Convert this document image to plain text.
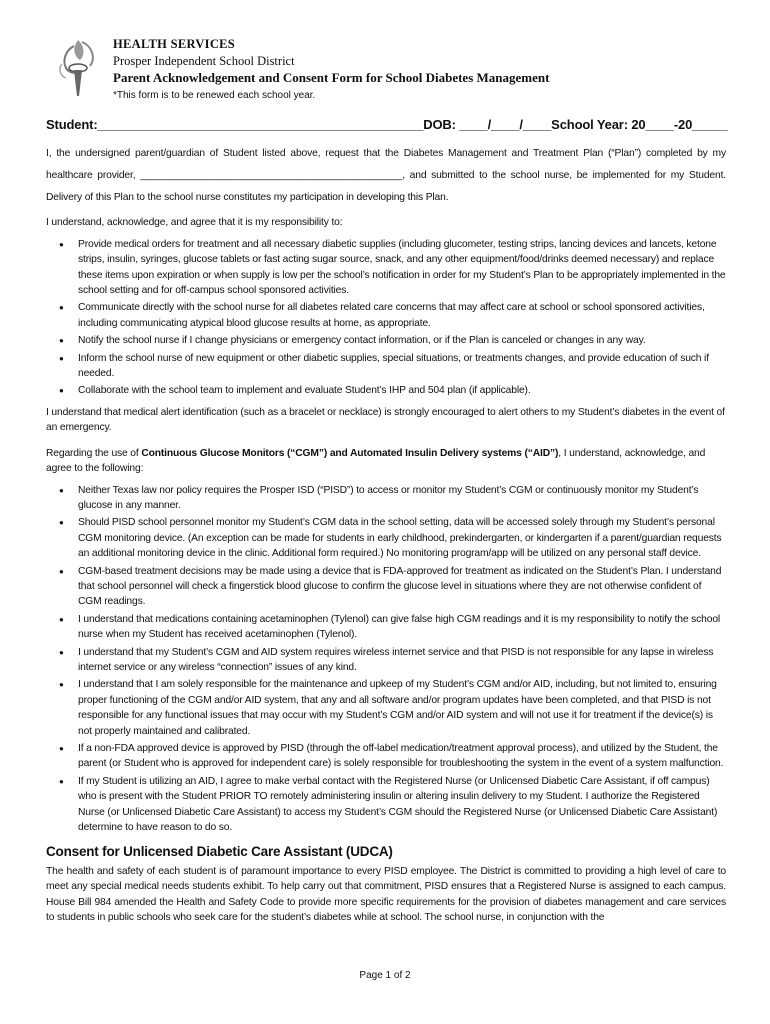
HEALTH SERVICES
Prosper Independent School District
Parent Acknowledgement and Consent Form for School Diabetes Management
*This form is to be renewed each school year.
Student: ______________________________________________ DOB: ____/____/____ School Year: 20____-20_____

I, the undersigned parent/guardian of Student listed above, request that the Diabetes Management and Treatment Plan (“Plan”) completed by my healthcare provider, _______________________________________________, and submitted to the school nurse, be implemented for my Student. Delivery of this Plan to the school nurse constitutes my participation in developing this Plan.

I understand, acknowledge, and agree that it is my responsibility to:

● Provide medical orders for treatment and all necessary diabetic supplies (including glucometer, testing strips, lancing devices and lancets, ketone strips, insulin, syringes, glucose tablets or fast acting sugar source, snack, and any other equipment/food/drinks deemed necessary) and replace these items upon expiration or when supply is low per the school’s notification in order for my Student’s Plan to be appropriately implemented in the school setting and for off-campus school sponsored activities.
● Communicate directly with the school nurse for all diabetes related care concerns that may affect care at school or school sponsored activities, including communicating atypical blood glucose results at home, as appropriate.
● Notify the school nurse if I change physicians or emergency contact information, or if the Plan is canceled or changes in any way.
● Inform the school nurse of new equipment or other diabetic supplies, special situations, or treatments changes, and provide education of such if needed.
● Collaborate with the school team to implement and evaluate Student’s IHP and 504 plan (if applicable).

I understand that medical alert identification (such as a bracelet or necklace) is strongly encouraged to alert others to my Student’s diabetes in the event of an emergency.

Regarding the use of Continuous Glucose Monitors (“CGM”) and Automated Insulin Delivery systems (“AID”), I understand, acknowledge, and agree to the following:

● Neither Texas law nor policy requires the Prosper ISD (“PISD”) to access or monitor my Student’s CGM or continuously monitor my Student’s glucose in any manner.
● Should PISD school personnel monitor my Student’s CGM data in the school setting, data will be accessed solely through my Student’s personal CGM monitoring device. (An exception can be made for students in early childhood, prekindergarten, or kindergarten if a parent/guardian requests an additional monitoring device in the clinic. Additional form required.) No monitoring program/app will be utilized on any personal staff device.
● CGM-based treatment decisions may be made using a device that is FDA-approved for treatment as indicated on the Student’s Plan. I understand that school personnel will check a fingerstick blood glucose to confirm the glucose level in situations where they are not otherwise confident of CGM readings.
● I understand that medications containing acetaminophen (Tylenol) can give false high CGM readings and it is my responsibility to notify the school nurse when my Student has received acetaminophen (Tylenol).
● I understand that my Student’s CGM and AID system requires wireless internet service and that PISD is not responsible for any lapse in wireless internet service or any wireless “connection” issues of any kind.
● I understand that I am solely responsible for the maintenance and upkeep of my Student’s CGM and/or AID, including, but not limited to, ensuring proper functioning of the CGM and/or AID system, that any and all software and/or program updates have been completed, and that PISD is not responsible for any functional issues that may occur with my Student’s CGM and/or AID system and will not use it for treatment if the device(s) is not properly maintained and calibrated.
● If a non-FDA approved device is approved by PISD (through the off-label medication/treatment approval process), and utilized by the Student, the parent (or Student who is approved for independent care) is solely responsible for troubleshooting the system in the event of a system malfunction.
● If my Student is utilizing an AID, I agree to make verbal contact with the Registered Nurse (or Unlicensed Diabetic Care Assistant, if off campus) who is present with the Student PRIOR TO remotely administering insulin or altering insulin delivery to my Student. I authorize the Registered Nurse (or Unlicensed Diabetic Care Assistant) to access my Student’s CGM should the Registered Nurse (or Unlicensed Diabetic Care Assistant) determine to have reason to do so.
Consent for Unlicensed Diabetic Care Assistant (UDCA)

The health and safety of each student is of paramount importance to every PISD employee. The District is committed to providing a high level of care to meet any special medical needs students exhibit. To help carry out that commitment, PISD ensures that a Registered Nurse is assigned to each campus. House Bill 984 amended the Health and Safety Code to provide more specific requirements for the provision of diabetes management and care services to students in public schools who seek care for the student’s diabetes while at school. The school nurse, in conjunction with the

Page 1 of 2
